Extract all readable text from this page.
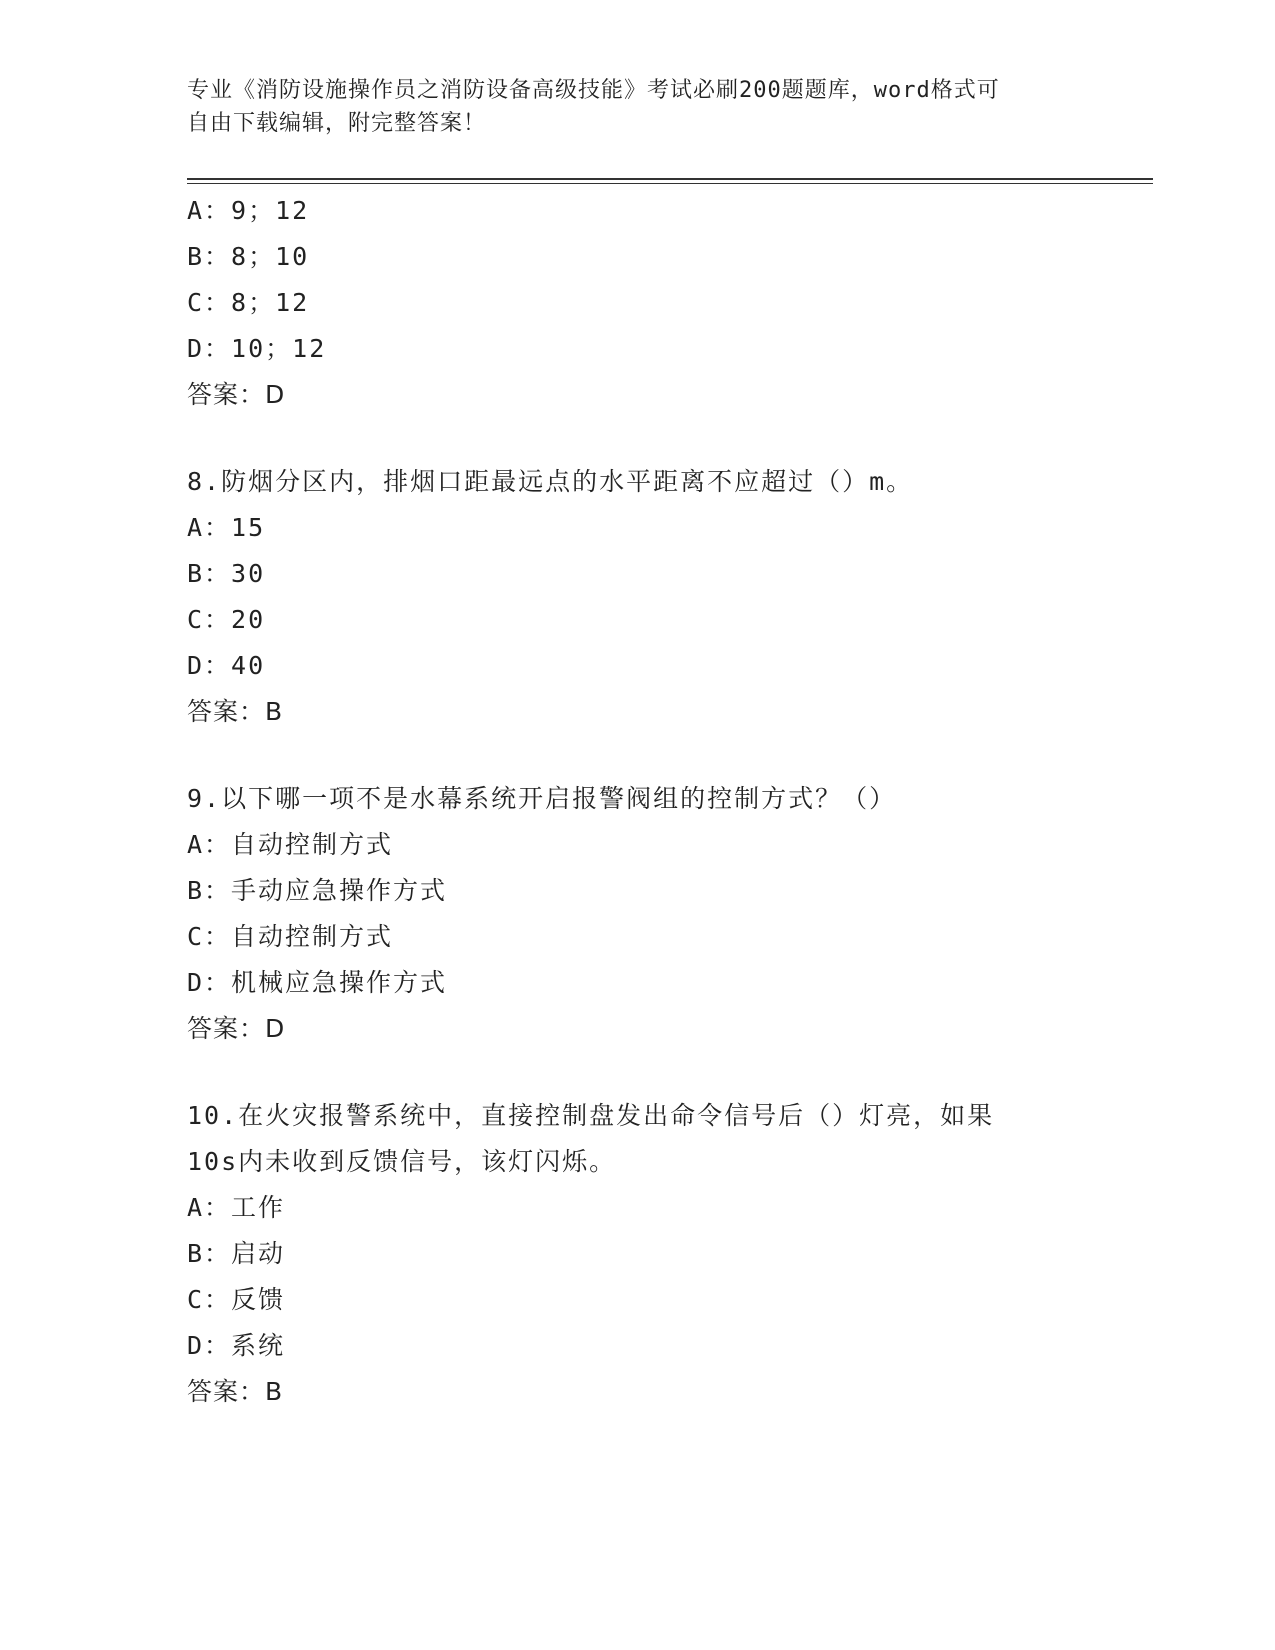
专业《消防设施操作员之消防设备高级技能》考试必刷200题题库，word格式可
自由下载编辑，附完整答案！
A：9；12
B：8；10
C：8；12
D：10；12
答案：D
8.防烟分区内，排烟口距最远点的水平距离不应超过（）m。
A：15
B：30
C：20
D：40
答案：B
9.以下哪一项不是水幕系统开启报警阀组的控制方式？（）
A：自动控制方式
B：手动应急操作方式
C：自动控制方式
D：机械应急操作方式
答案：D
10.在火灾报警系统中，直接控制盘发出命令信号后（）灯亮，如果
10s内未收到反馈信号，该灯闪烁。
A：工作
B：启动
C：反馈
D：系统
答案：B
